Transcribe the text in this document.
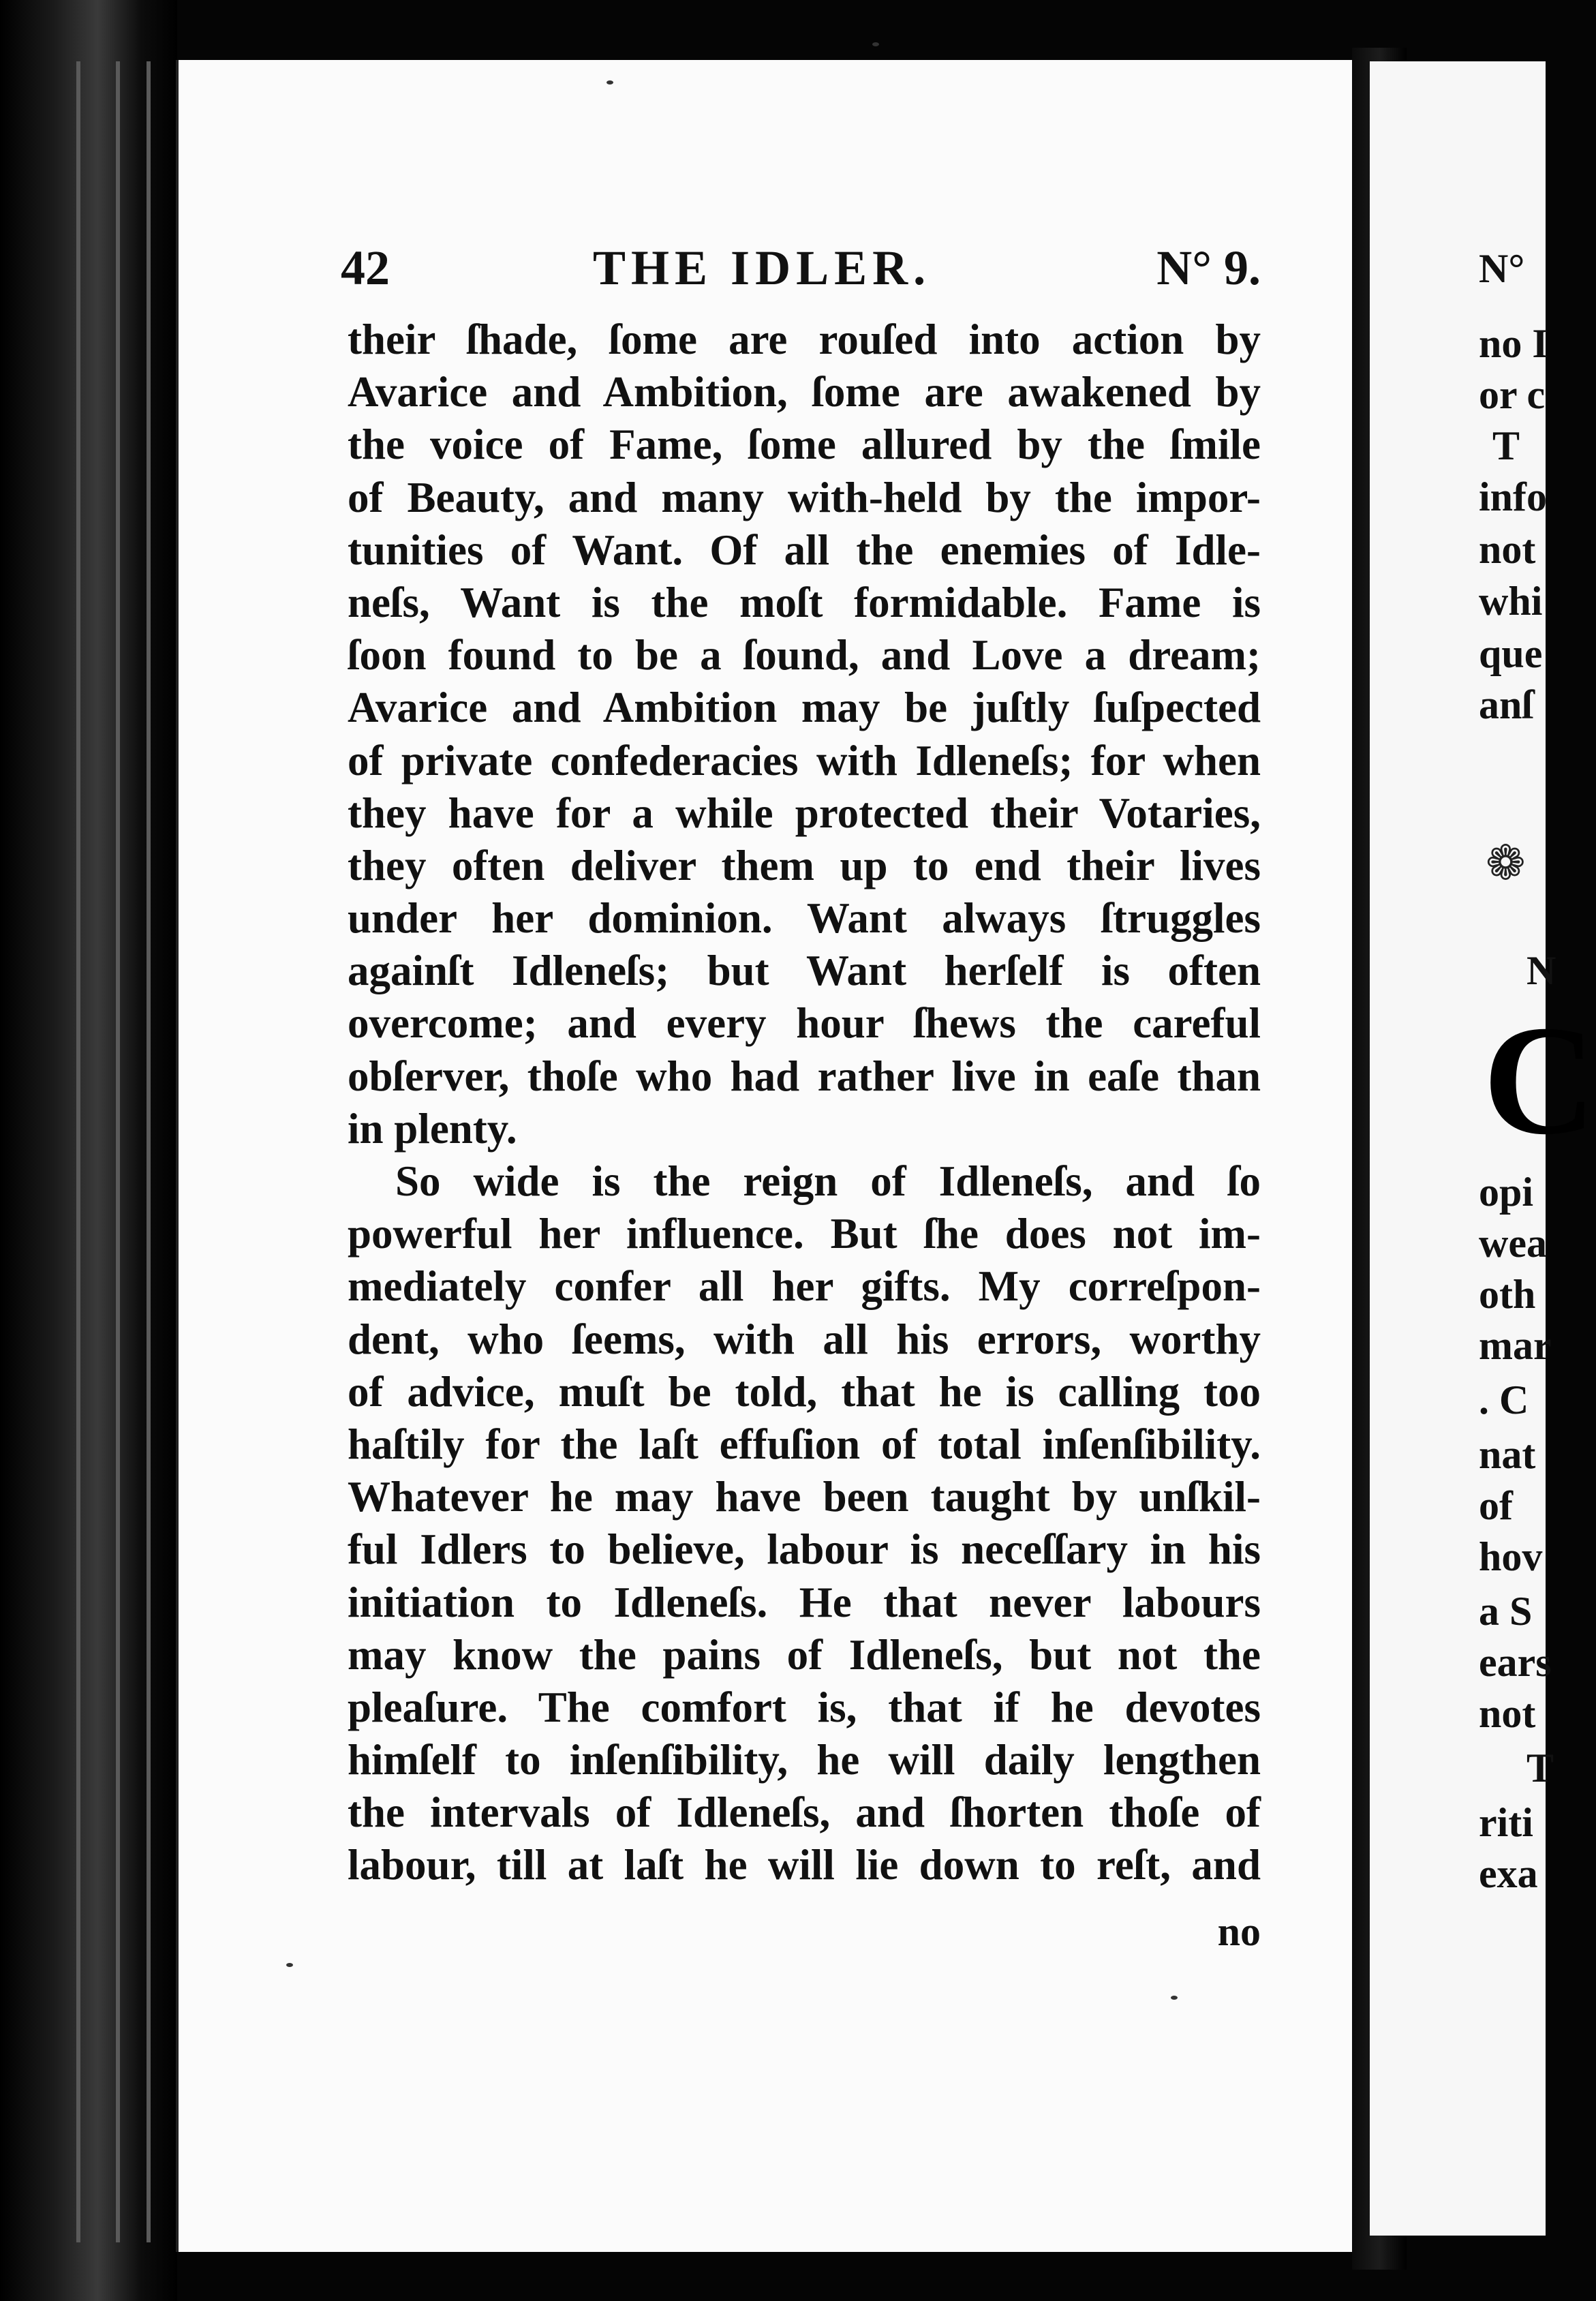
42	THE IDLER.	N° 9.
their ſhade, ſome are rouſed into action by
Avarice and Ambition, ſome are awakened by
the voice of Fame, ſome allured by the ſmile
of Beauty, and many with-held by the impor-
tunities of Want. Of all the enemies of Idle-
neſs, Want is the moſt formidable. Fame is
ſoon found to be a ſound, and Love a dream;
Avarice and Ambition may be juſtly ſuſpected
of private confederacies with Idleneſs; for when
they have for a while protected their Votaries,
they often deliver them up to end their lives
under her dominion. Want always ſtruggles
againſt Idleneſs; but Want herſelf is often
overcome; and every hour ſhews the careful
obſerver, thoſe who had rather live in eaſe than
in plenty.
So wide is the reign of Idleneſs, and ſo
powerful her influence. But ſhe does not im-
mediately confer all her gifts. My correſpon-
dent, who ſeems, with all his errors, worthy
of advice, muſt be told, that he is calling too
haſtily for the laſt effuſion of total inſenſibility.
Whatever he may have been taught by unſkil-
ful Idlers to believe, labour is neceſſary in his
initiation to Idleneſs. He that never labours
may know the pains of Idleneſs, but not the
pleaſure. The comfort is, that if he devotes
himſelf to inſenſibility, he will daily lengthen
the intervals of Idleneſs, and ſhorten thoſe of
labour, till at laſt he will lie down to reſt, and
no
N°
no I
or c
T
info
not
whi
que
anſ
N
C
opi
wea
oth
mar
. C
nat
of
hov
a S
ears
not
T
riti
exa
❁
